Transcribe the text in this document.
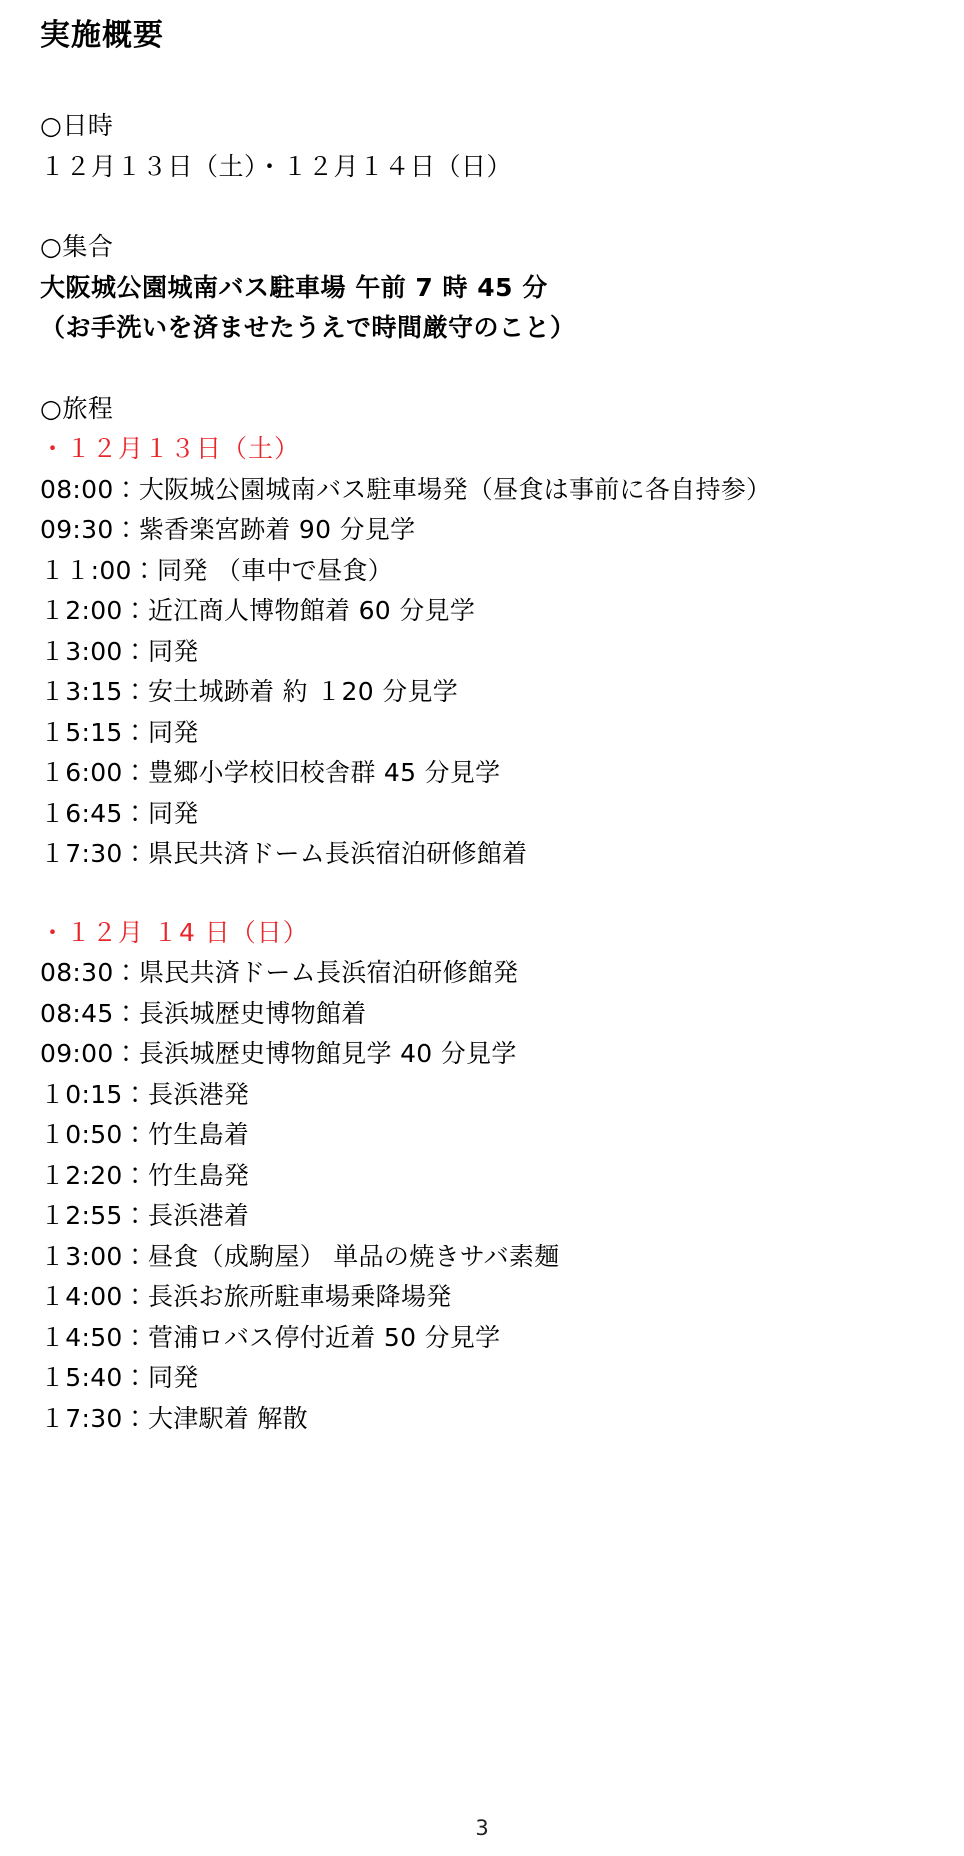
実施概要

○日時

１２月１３日（土）・１２月１４日（日）

○集合

大阪城公園城南バス駐車場 午前 7 時 45 分

（お手洗いを済ませたうえで時間厳守のこと）

○旅程

・１２月１３日（土）

08:00：大阪城公園城南バス駐車場発（昼食は事前に各自持参）
09:30：紫香楽宮跡着 90 分見学
１１:00：同発 （車中で昼食）
１2:00：近江商人博物館着 60 分見学
１3:00：同発
１3:15：安土城跡着 約 １20 分見学
１5:15：同発
１6:00：豊郷小学校旧校舎群 45 分見学
１6:45：同発
１7:30：県民共済ドーム長浜宿泊研修館着

・１２月 １4 日（日）

08:30：県民共済ドーム長浜宿泊研修館発
08:45：長浜城歴史博物館着
09:00：長浜城歴史博物館見学 40 分見学
１0:15：長浜港発
１0:50：竹生島着
１2:20：竹生島発
１2:55：長浜港着
１3:00：昼食（成駒屋） 単品の焼きサバ素麺
１4:00：長浜お旅所駐車場乗降場発
１4:50：菅浦ロバス停付近着 50 分見学
１5:40：同発
１7:30：大津駅着 解散
3
